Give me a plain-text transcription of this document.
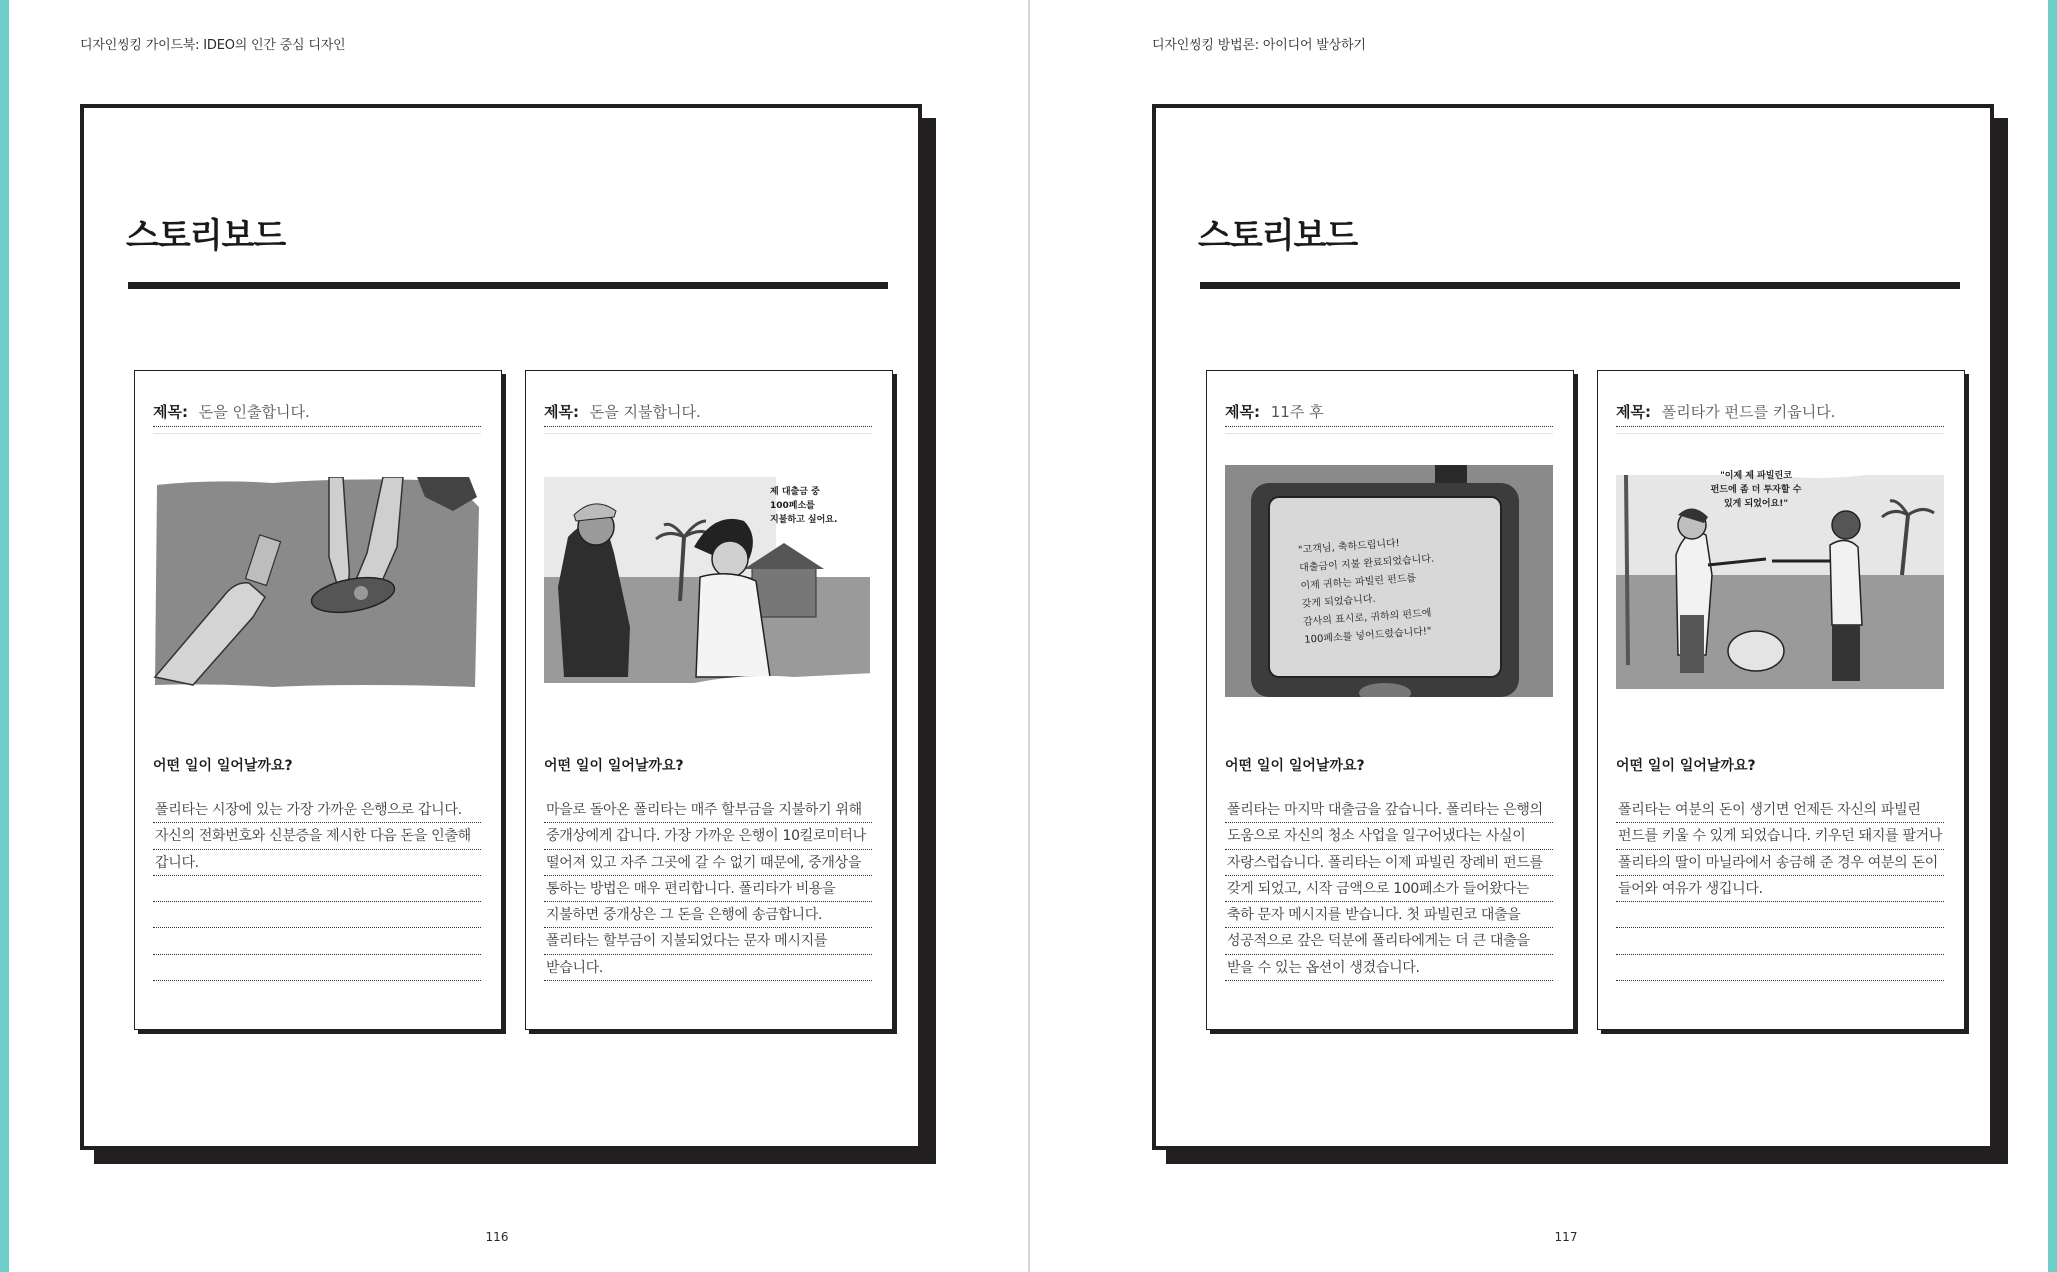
디자인씽킹 가이드북: IDEO의 인간 중심 디자인
스토리보드
제목: 돈을 인출합니다.
어떤 일이 일어날까요?
폴리타는 시장에 있는 가장 가까운 은행으로 갑니다.
자신의 전화번호와 신분증을 제시한 다음 돈을 인출해
갑니다.
제목: 돈을 지불합니다.
제 대출금 중
100페소를
지불하고 싶어요.
어떤 일이 일어날까요?
마을로 돌아온 폴리타는 매주 할부금을 지불하기 위해
중개상에게 갑니다. 가장 가까운 은행이 10킬로미터나
떨어져 있고 자주 그곳에 갈 수 없기 때문에, 중개상을
통하는 방법은 매우 편리합니다. 폴리타가 비용을
지불하면 중개상은 그 돈을 은행에 송금합니다.
폴리타는 할부금이 지불되었다는 문자 메시지를
받습니다.
116
디자인씽킹 방법론: 아이디어 발상하기
스토리보드
제목: 11주 후
"고객님, 축하드립니다!
대출금이 지불 완료되었습니다.
이제 귀하는 파빌린 펀드를
갖게 되었습니다.
감사의 표시로, 귀하의 펀드에
100페소를 넣어드렸습니다!"
어떤 일이 일어날까요?
폴리타는 마지막 대출금을 갚습니다. 폴리타는 은행의
도움으로 자신의 청소 사업을 일구어냈다는 사실이
자랑스럽습니다. 폴리타는 이제 파빌린 장례비 펀드를
갖게 되었고, 시작 금액으로 100페소가 들어왔다는
축하 문자 메시지를 받습니다. 첫 파빌린코 대출을
성공적으로 갚은 덕분에 폴리타에게는 더 큰 대출을
받을 수 있는 옵션이 생겼습니다.
제목: 폴리타가 펀드를 키웁니다.
"이제 제 파빌린코
펀드에 좀 더 투자할 수
있게 되었어요!"
어떤 일이 일어날까요?
폴리타는 여분의 돈이 생기면 언제든 자신의 파빌린
펀드를 키울 수 있게 되었습니다. 키우던 돼지를 팔거나
폴리타의 딸이 마닐라에서 송금해 준 경우 여분의 돈이
들어와 여유가 생깁니다.
117
